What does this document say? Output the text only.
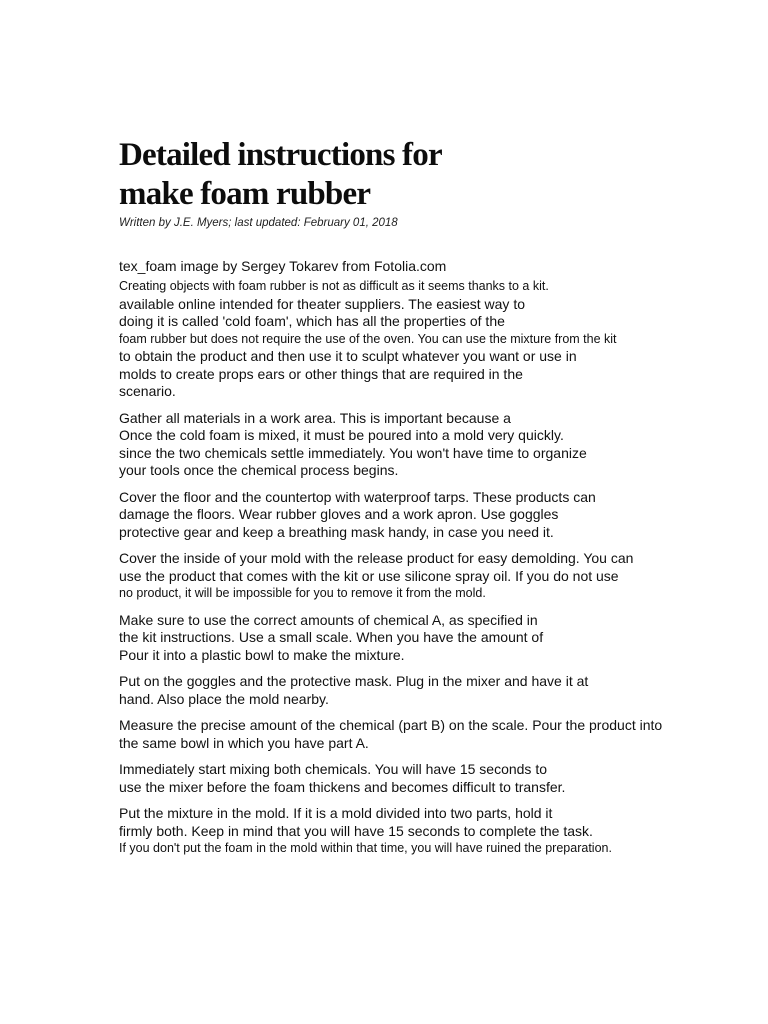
Detailed instructions for
make foam rubber
Written by J.E. Myers; last updated: February 01, 2018
tex_foam image by Sergey Tokarev from Fotolia.com
Creating objects with foam rubber is not as difficult as it seems thanks to a kit.
available online intended for theater suppliers. The easiest way to
doing it is called 'cold foam', which has all the properties of the
foam rubber but does not require the use of the oven. You can use the mixture from the kit
to obtain the product and then use it to sculpt whatever you want or use in
molds to create props ears or other things that are required in the
scenario.
Gather all materials in a work area. This is important because a
Once the cold foam is mixed, it must be poured into a mold very quickly.
since the two chemicals settle immediately. You won't have time to organize
your tools once the chemical process begins.
Cover the floor and the countertop with waterproof tarps. These products can
damage the floors. Wear rubber gloves and a work apron. Use goggles
protective gear and keep a breathing mask handy, in case you need it.
Cover the inside of your mold with the release product for easy demolding. You can
use the product that comes with the kit or use silicone spray oil. If you do not use
no product, it will be impossible for you to remove it from the mold.
Make sure to use the correct amounts of chemical A, as specified in
the kit instructions. Use a small scale. When you have the amount of
Pour it into a plastic bowl to make the mixture.
Put on the goggles and the protective mask. Plug in the mixer and have it at
hand. Also place the mold nearby.
Measure the precise amount of the chemical (part B) on the scale. Pour the product into
the same bowl in which you have part A.
Immediately start mixing both chemicals. You will have 15 seconds to
use the mixer before the foam thickens and becomes difficult to transfer.
Put the mixture in the mold. If it is a mold divided into two parts, hold it
firmly both. Keep in mind that you will have 15 seconds to complete the task.
If you don't put the foam in the mold within that time, you will have ruined the preparation.
